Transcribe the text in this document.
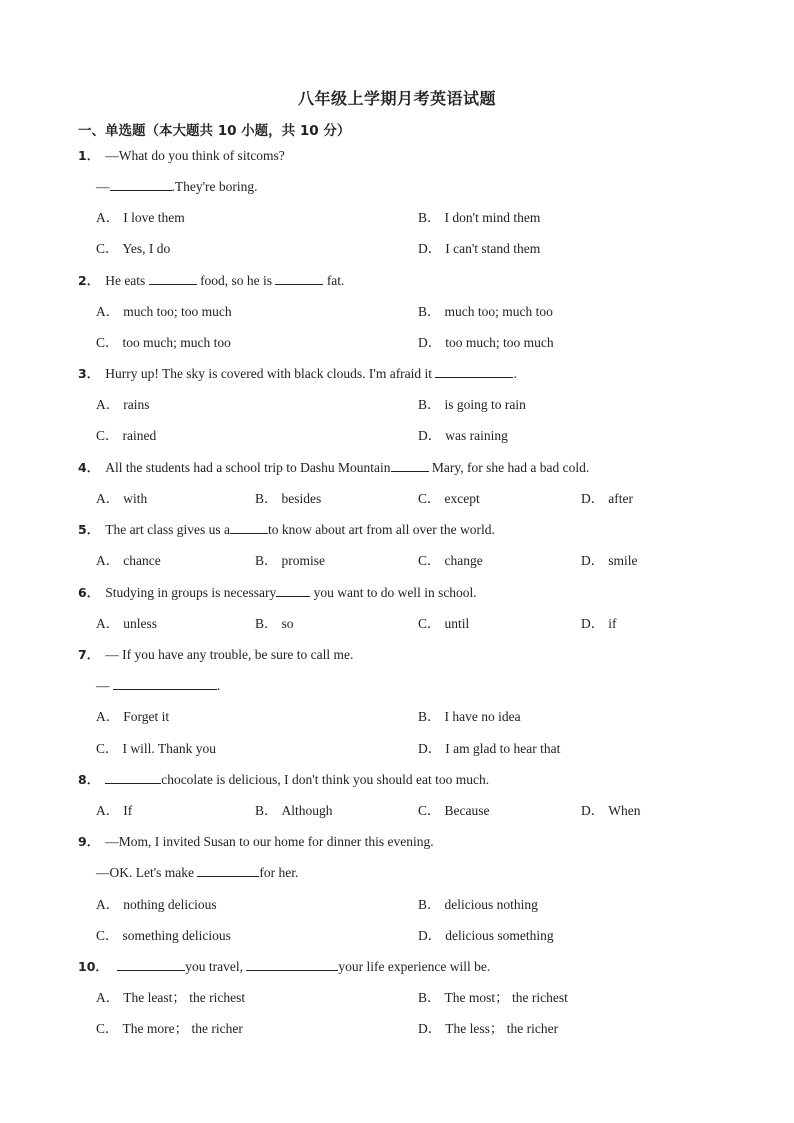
八年级上学期月考英语试题
一、单选题（本大题共 10 小题，共 10 分）
1． —What do you think of sitcoms?
—	.They're boring.
A． I love them	B． I don't mind them
C． Yes, I do	D． I can't stand them
2． He eats	food, so he is	fat.
A． much too; too much	B． much too; much too
C． too much; much too	D． too much; too much
3． Hurry up! The sky is covered with black clouds. I'm afraid it	.
A． rains	B． is going to rain
C． rained	D． was raining
4． All the students had a school trip to Dashu Mountain	Mary, for she had a bad cold.
A． with	B． besides	C． except	D． after
5． The art class gives us a	to know about art from all over the world.
A． chance	B． promise	C． change	D． smile
6． Studying in groups is necessary	you want to do well in school.
A． unless	B． so	C． until	D． if
7． — If you have any trouble, be sure to call me.
—	.
A． Forget it	B． I have no idea
C． I will. Thank you	D． I am glad to hear that
8．	chocolate is delicious, I don't think you should eat too much.
A． If	B． Although	C． Because	D． When
9． —Mom, I invited Susan to our home for dinner this evening.
—OK. Let's make	for her.
A． nothing delicious	B． delicious nothing
C． something delicious	D． delicious something
10．	you travel,	your life experience will be.
A． The least； the richest	B． The most； the richest
C． The more； the richer	D． The less； the richer
